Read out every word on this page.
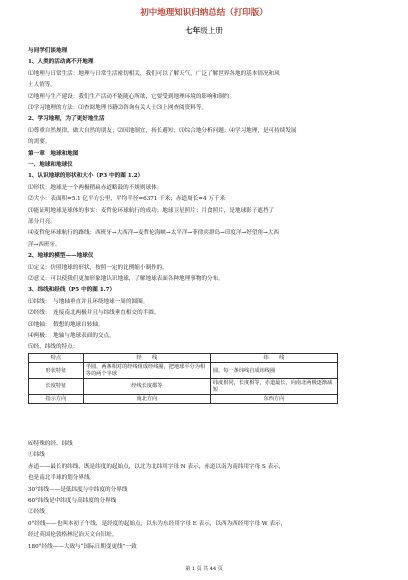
初中地理知识归纳总结（打印版）
七年级上册
与同学们谈地理
1、人类的活动离不开地理
⑴地理与日常生活：地理与日常生活密切相关，我们可以了解天气，广泛了解世界各地的基本情况和风
土人情等。
⑵地理与生产建设：我们生产活动不能随心所欲，它要受到地理环境的影响和制约。
⑶学习地理的方法：⑴查阅地理书籍⑵咨询有关人士⑶上网查阅资料等。
2、学习地理，为了更好地生活
⑴尊重自然规律，做大自然的朋友；⑵因地制宜，扬长避短；⑶综合地分析问题；⑷学习地理，是可持续发展
的需要。
第一章　地球和地图
一、地球和地球仪
1、认识地球的形状和大小（P3 中的图 1.2）
⑴形状：地球是一个两极稍扁赤道略鼓的不规则球体。
⑵大小：表面积=5.1 亿平方公里，平均半径=6371 千米；赤道周长=4 万千米
⑶能证明地球是球体的事实：麦哲伦环球航行的成功；地球卫星照片；月食照片，是地球影子遮挡了
部分月亮。
⑷麦哲伦环球航行的路线：西班牙→大西洋→麦哲伦海峡→太平洋→菲律宾群岛→印度洋→好望角→大西
洋→西班牙。
2、地球的模型——地球仪
⑴定义：仿照地球的形状，按照一定的比例缩小制作的。
⑵意义：可以使我们更加形象地认识地球，了解地球表面各种地理事物的分布。
3、纬线和经线（P5 中的图 1.7）
⑴纬线：　与地轴垂直并且环绕地球一周的圆圈。
⑵经线：　连接南北两极并且与纬线垂直相交的半圆。
⑶地轴：　假想的地球自转轴。
⑷两极：　地轴与地球表面的交点。
⑸经、纬线的特点：
特点	经　　线	纬　　线
形状特征	半圆，两条相对的经线组成经线圈，把地球平分为相等的两个半球	圆，每一条纬线自成纬线圈
长度特征	经线长度都等	纬度相同，长度相等，赤道最长，向南北两极逐渐减短
指示方向	南北方向	东西方向
⑹特殊的经、纬线
①纬线
赤道——最长的纬线，既是纬度的起始点，以北为北纬用字母 N 表示，赤道以南为南纬用字母 S 表示，
也是南北半球的划分界线。
30°纬线——是低纬度与中纬度的分界线
60°纬线是中纬度与高纬度的分界线
②经线
0°经线——也叫本初子午线，是经度的起始点，以东为东经用字母 E 表示，以西为西经用字母 W 表示，
经过英国伦敦格林尼治天文台旧址。
180°经线——大致与“国际日期变更线”一致
第 1 页 共 44 页
